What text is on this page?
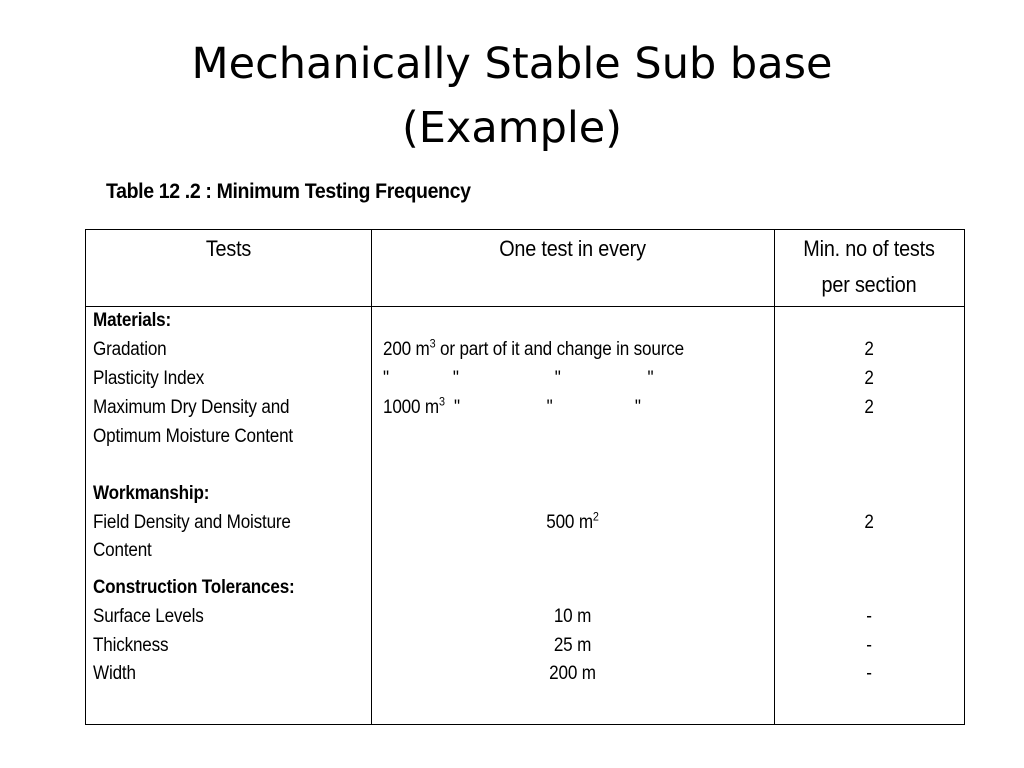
Mechanically Stable Sub base
(Example)
Table 12 .2 : Minimum Testing Frequency
Tests	One test in every	Min. no of tests
per section
Materials:
Gradation
Plasticity Index
Maximum Dry Density and
Optimum Moisture Content
Workmanship:
Field Density and Moisture
Content
Construction Tolerances:
Surface Levels
Thickness
Width
200 $m^3$ or part of it and change in source
"              "                     "                   "
1000 $m^3$  "                   "                  "
500 $m^2$
10 m
25 m
200 m
2
2
2
2
-
-
-
